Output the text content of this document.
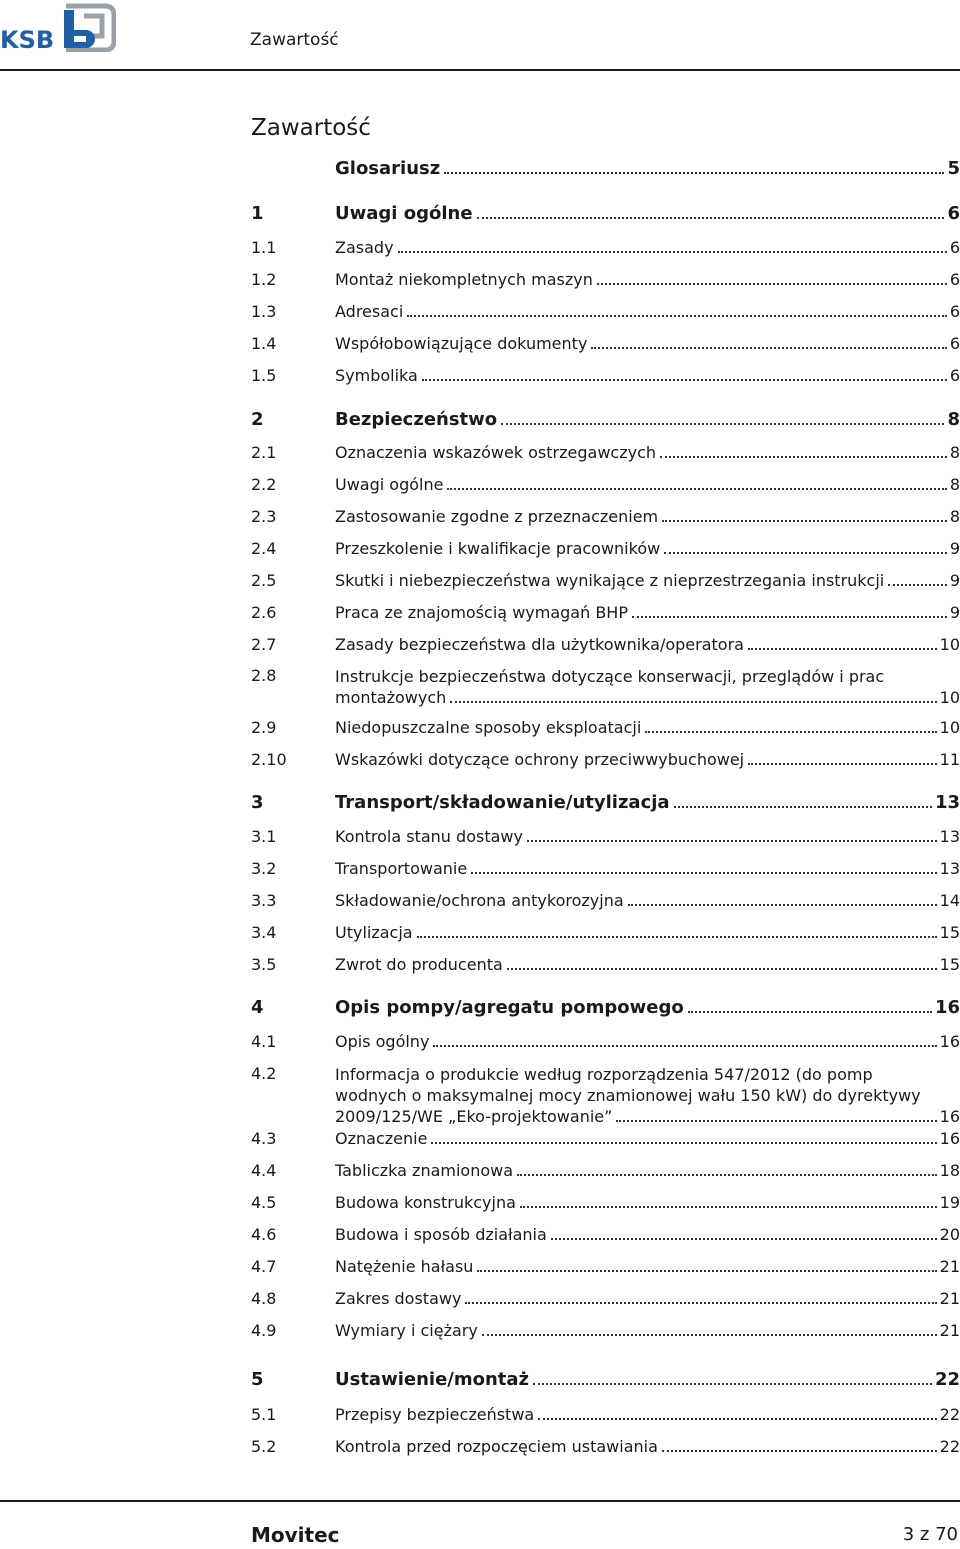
KSB	Zawartość
Zawartość
Glosariusz	5
1	Uwagi ogólne	6
1.1	Zasady	6
1.2	Montaż niekompletnych maszyn	6
1.3	Adresaci	6
1.4	Współobowiązujące dokumenty	6
1.5	Symbolika	6
2	Bezpieczeństwo	8
2.1	Oznaczenia wskazówek ostrzegawczych	8
2.2	Uwagi ogólne	8
2.3	Zastosowanie zgodne z przeznaczeniem	8
2.4	Przeszkolenie i kwalifikacje pracowników	9
2.5	Skutki i niebezpieczeństwa wynikające z nieprzestrzegania instrukcji	9
2.6	Praca ze znajomością wymagań BHP	9
2.7	Zasady bezpieczeństwa dla użytkownika/operatora	10
2.8	Instrukcje bezpieczeństwa dotyczące konserwacji, przeglądów i prac
montażowych	10
2.9	Niedopuszczalne sposoby eksploatacji	10
2.10	Wskazówki dotyczące ochrony przeciwwybuchowej	11
3	Transport/składowanie/utylizacja	13
3.1	Kontrola stanu dostawy	13
3.2	Transportowanie	13
3.3	Składowanie/ochrona antykorozyjna	14
3.4	Utylizacja	15
3.5	Zwrot do producenta	15
4	Opis pompy/agregatu pompowego	16
4.1	Opis ogólny	16
4.2	Informacja o produkcie według rozporządzenia 547/2012 (do pomp
wodnych o maksymalnej mocy znamionowej wału 150 kW) do dyrektywy
2009/125/WE „Eko-projektowanie”	16
4.3	Oznaczenie	16
4.4	Tabliczka znamionowa	18
4.5	Budowa konstrukcyjna	19
4.6	Budowa i sposób działania	20
4.7	Natężenie hałasu	21
4.8	Zakres dostawy	21
4.9	Wymiary i ciężary	21
5	Ustawienie/montaż	22
5.1	Przepisy bezpieczeństwa	22
5.2	Kontrola przed rozpoczęciem ustawiania	22
Movitec	3 z 70
